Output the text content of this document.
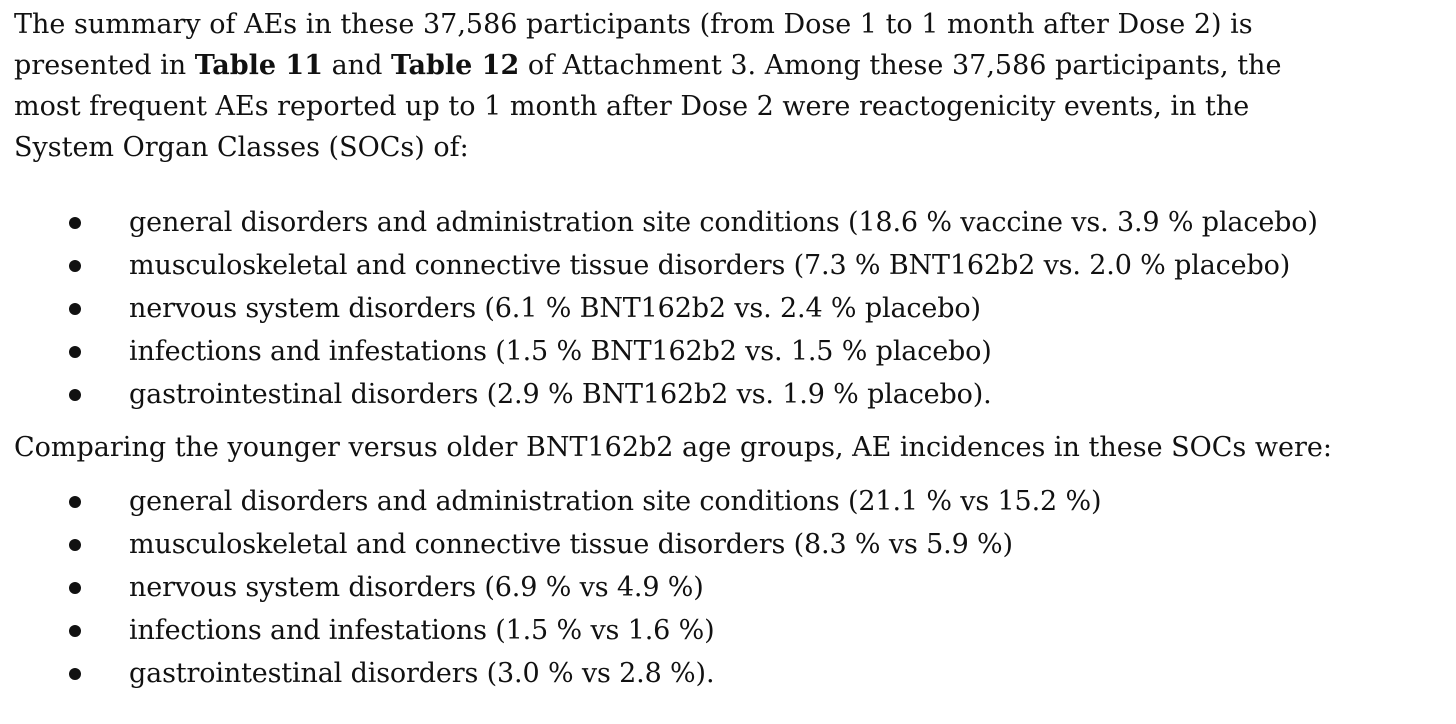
The summary of AEs in these 37,586 participants (from Dose 1 to 1 month after Dose 2) is
presented in Table 11 and Table 12 of Attachment 3. Among these 37,586 participants, the
most frequent AEs reported up to 1 month after Dose 2 were reactogenicity events, in the
System Organ Classes (SOCs) of:

general disorders and administration site conditions (18.6 % vaccine vs. 3.9 % placebo)
musculoskeletal and connective tissue disorders (7.3 % BNT162b2 vs. 2.0 % placebo)
nervous system disorders (6.1 % BNT162b2 vs. 2.4 % placebo)
infections and infestations (1.5 % BNT162b2 vs. 1.5 % placebo)
gastrointestinal disorders (2.9 % BNT162b2 vs. 1.9 % placebo).

Comparing the younger versus older BNT162b2 age groups, AE incidences in these SOCs were:

general disorders and administration site conditions (21.1 % vs 15.2 %)
musculoskeletal and connective tissue disorders (8.3 % vs 5.9 %)
nervous system disorders (6.9 % vs 4.9 %)
infections and infestations (1.5 % vs 1.6 %)
gastrointestinal disorders (3.0 % vs 2.8 %).
